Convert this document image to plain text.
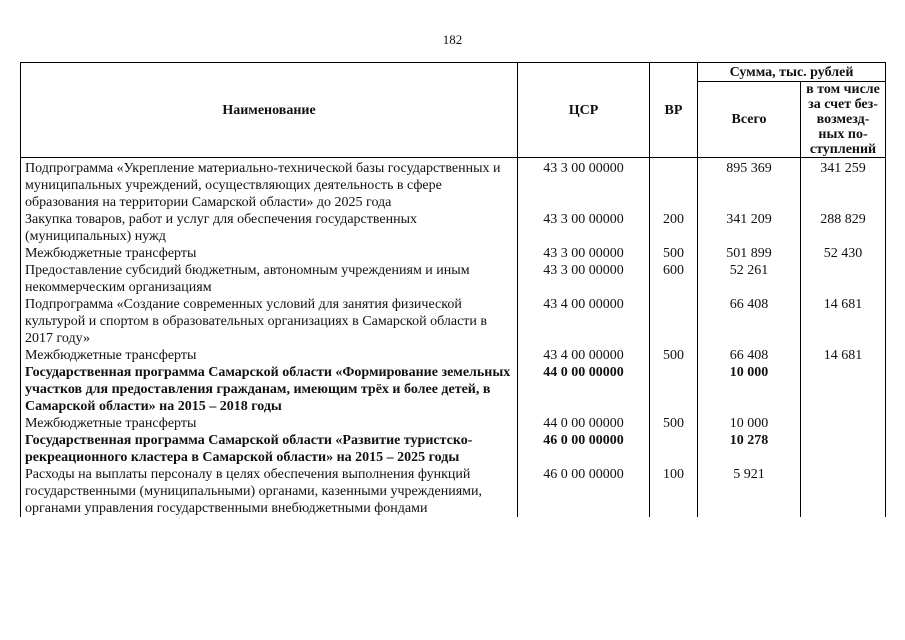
182
Наименование	ЦСР	ВР	Сумма, тыс. рублей	
			Всего	в том числе
за счет без-
возмезд-
ных по-
ступлений
Подпрограмма «Укрепление материально-технической базы государственных и муниципальных учреждений, осуществляющих деятельность в сфере образования на территории Самарской области» до 2025 года	43 3 00 00000		895 369	341 259
Закупка товаров, работ и услуг для обеспечения государственных (муниципальных) нужд	43 3 00 00000	200	341 209	288 829
Межбюджетные трансферты	43 3 00 00000	500	501 899	52 430
Предоставление субсидий бюджетным, автономным учреждениям и иным некоммерческим организациям	43 3 00 00000	600	52 261	
Подпрограмма «Создание современных условий для занятия физической культурой и спортом в образовательных организациях в Самарской области в 2017 году»	43 4 00 00000		66 408	14 681
Межбюджетные трансферты	43 4 00 00000	500	66 408	14 681
Государственная программа Самарской области «Формирование земельных участков для предоставления гражданам, имеющим трёх и более детей, в Самарской области» на 2015 – 2018 годы	44 0 00 00000		10 000	
Межбюджетные трансферты	44 0 00 00000	500	10 000	
Государственная программа Самарской области «Развитие туристско-рекреационного кластера в Самарской области» на 2015 – 2025 годы	46 0 00 00000		10 278	
Расходы на выплаты персоналу в целях обеспечения выполнения функций государственными (муниципальными) органами, казенными учреждениями, органами управления государственными внебюджетными фондами	46 0 00 00000	100	5 921	
